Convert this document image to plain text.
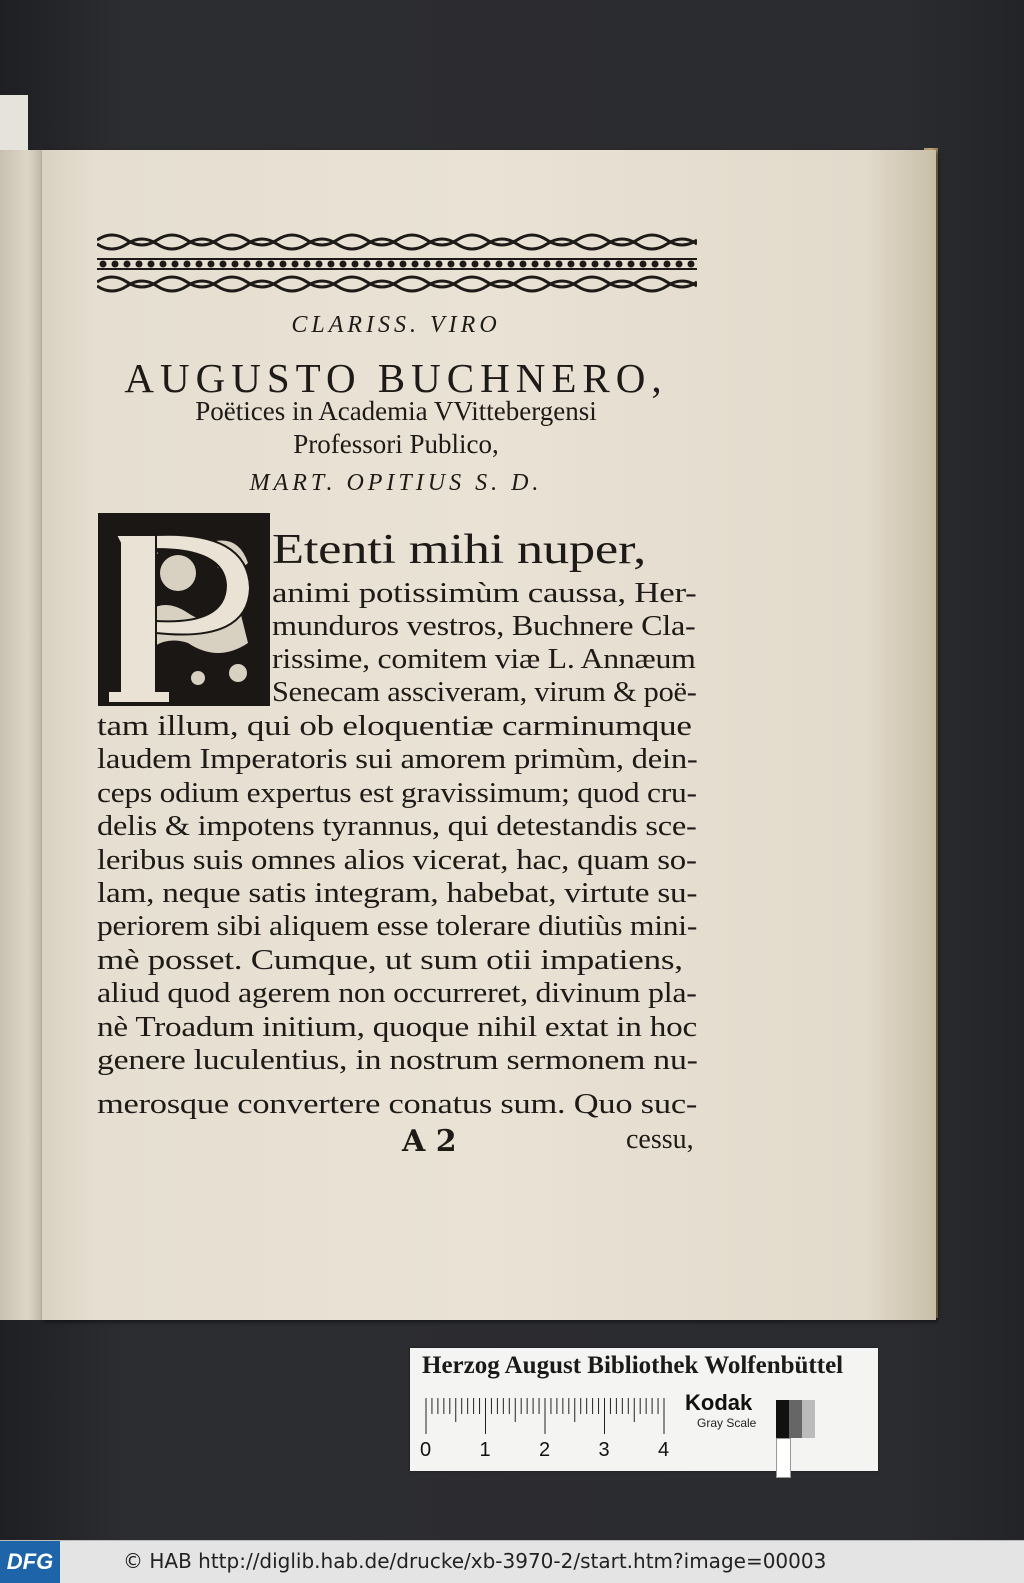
CLARISS. VIRO
AUGUSTO BUCHNERO,
Poëtices in Academia VVittebergensi
Professori Publico,
MART. OPITIUS S. D.
Etenti mihi nuper,
animi potissimùm caussa, Her-
munduros vestros, Buchnere Cla-
rissime, comitem viæ L. Annæum
Senecam assciveram, virum & poë-
tam illum, qui ob eloquentiæ carminumque
laudem Imperatoris sui amorem primùm, dein-
ceps odium expertus est gravissimum; quod cru-
delis & impotens tyrannus, qui detestandis sce-
leribus suis omnes alios vicerat, hac, quam so-
lam, neque satis integram, habebat, virtute su-
periorem sibi aliquem esse tolerare diutiùs mini-
mè posset. Cumque, ut sum otii impatiens,
aliud quod agerem non occurreret, divinum pla-
nè Troadum initium, quoque nihil extat in hoc
genere luculentius, in nostrum sermonem nu-
merosque convertere conatus sum. Quo suc-
A 2	cessu,
Herzog August Bibliothek Wolfenbüttel
0 1 2 3 4
Kodak
Gray Scale
DFG	© HAB http://diglib.hab.de/drucke/xb-3970-2/start.htm?image=00003
